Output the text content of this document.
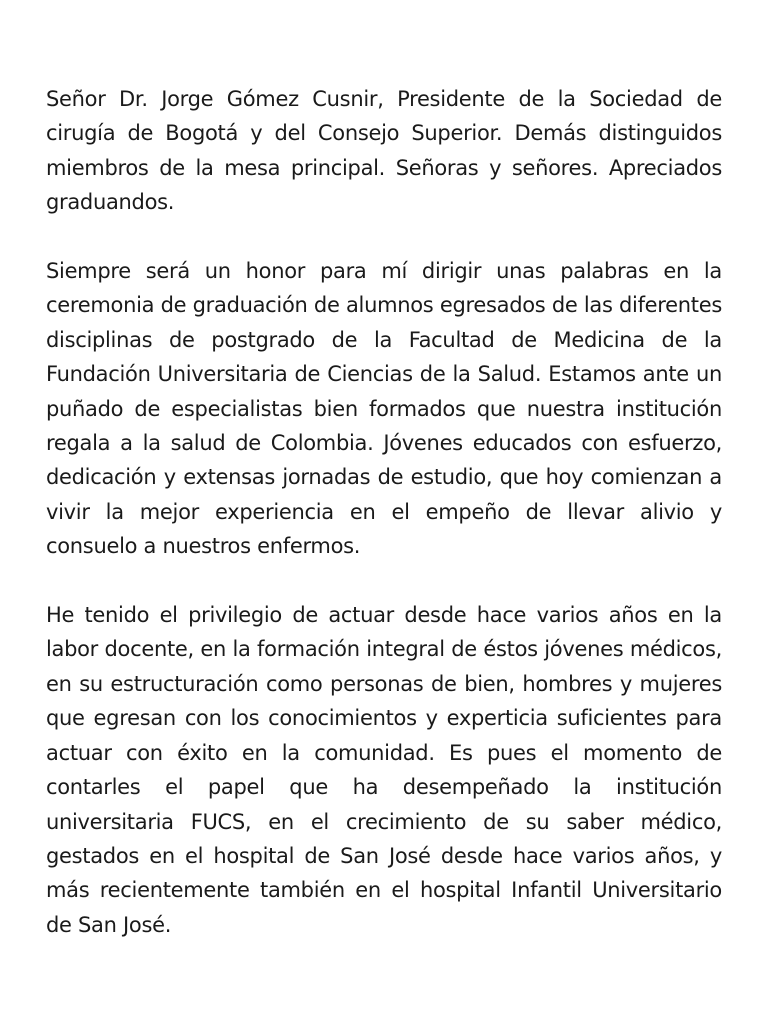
Señor Dr. Jorge Gómez Cusnir, Presidente de la Sociedad de cirugía de Bogotá y del Consejo Superior. Demás distinguidos miembros de la mesa principal. Señoras y señores. Apreciados graduandos.

Siempre será un honor para mí dirigir unas palabras en la ceremonia de graduación de alumnos egresados de las diferentes disciplinas de postgrado de la Facultad de Medicina de la Fundación Universitaria de Ciencias de la Salud. Estamos ante un puñado de especialistas bien formados que nuestra institución regala a la salud de Colombia. Jóvenes educados con esfuerzo, dedicación y extensas jornadas de estudio, que hoy comienzan a vivir la mejor experiencia en el empeño de llevar alivio y consuelo a nuestros enfermos.

He tenido el privilegio de actuar desde hace varios años en la labor docente, en la formación integral de éstos jóvenes médicos, en su estructuración como personas de bien, hombres y mujeres que egresan con los conocimientos y experticia suficientes para actuar con éxito en la comunidad. Es pues el momento de contarles el papel que ha desempeñado la institución universitaria FUCS, en el crecimiento de su saber médico, gestados en el hospital de San José desde hace varios años, y más recientemente también en el hospital Infantil Universitario de San José.
